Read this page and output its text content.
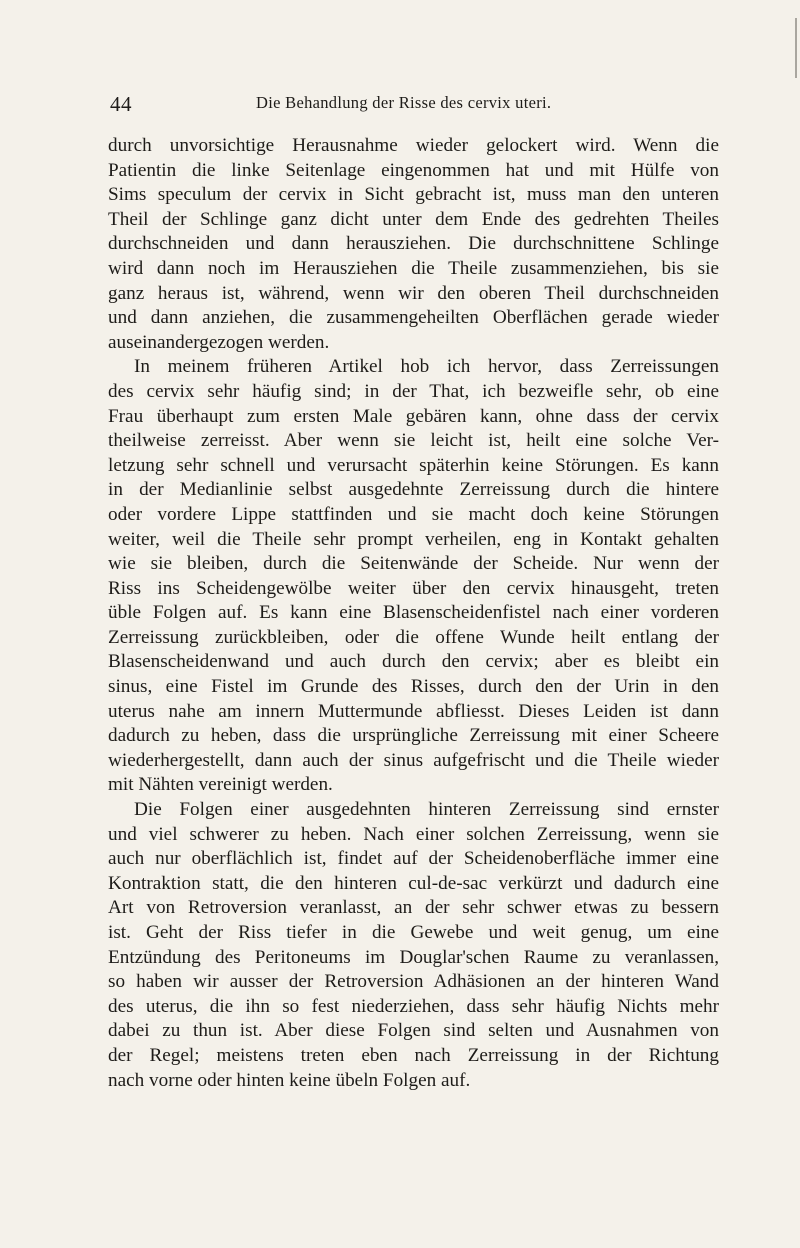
44	Die Behandlung der Risse des cervix uteri.
durch unvorsichtige Herausnahme wieder gelockert wird. Wenn die
Patientin die linke Seitenlage eingenommen hat und mit Hülfe von
Sims speculum der cervix in Sicht gebracht ist, muss man den unteren
Theil der Schlinge ganz dicht unter dem Ende des gedrehten Theiles
durchschneiden und dann herausziehen. Die durchschnittene Schlinge
wird dann noch im Herausziehen die Theile zusammenziehen, bis sie
ganz heraus ist, während, wenn wir den oberen Theil durchschneiden
und dann anziehen, die zusammengeheilten Oberflächen gerade wieder
auseinandergezogen werden.
In meinem früheren Artikel hob ich hervor, dass Zerreissungen
des cervix sehr häufig sind; in der That, ich bezweifle sehr, ob eine
Frau überhaupt zum ersten Male gebären kann, ohne dass der cervix
theilweise zerreisst. Aber wenn sie leicht ist, heilt eine solche Ver-
letzung sehr schnell und verursacht späterhin keine Störungen. Es kann
in der Medianlinie selbst ausgedehnte Zerreissung durch die hintere
oder vordere Lippe stattfinden und sie macht doch keine Störungen
weiter, weil die Theile sehr prompt verheilen, eng in Kontakt gehalten
wie sie bleiben, durch die Seitenwände der Scheide. Nur wenn der
Riss ins Scheidengewölbe weiter über den cervix hinausgeht, treten
üble Folgen auf. Es kann eine Blasenscheidenfistel nach einer vorderen
Zerreissung zurückbleiben, oder die offene Wunde heilt entlang der
Blasenscheidenwand und auch durch den cervix; aber es bleibt ein
sinus, eine Fistel im Grunde des Risses, durch den der Urin in den
uterus nahe am innern Muttermunde abfliesst. Dieses Leiden ist dann
dadurch zu heben, dass die ursprüngliche Zerreissung mit einer Scheere
wiederhergestellt, dann auch der sinus aufgefrischt und die Theile wieder
mit Nähten vereinigt werden.
Die Folgen einer ausgedehnten hinteren Zerreissung sind ernster
und viel schwerer zu heben. Nach einer solchen Zerreissung, wenn sie
auch nur oberflächlich ist, findet auf der Scheidenoberfläche immer eine
Kontraktion statt, die den hinteren cul-de-sac verkürzt und dadurch eine
Art von Retroversion veranlasst, an der sehr schwer etwas zu bessern
ist. Geht der Riss tiefer in die Gewebe und weit genug, um eine
Entzündung des Peritoneums im Douglar'schen Raume zu veranlassen,
so haben wir ausser der Retroversion Adhäsionen an der hinteren Wand
des uterus, die ihn so fest niederziehen, dass sehr häufig Nichts mehr
dabei zu thun ist. Aber diese Folgen sind selten und Ausnahmen von
der Regel; meistens treten eben nach Zerreissung in der Richtung
nach vorne oder hinten keine übeln Folgen auf.
